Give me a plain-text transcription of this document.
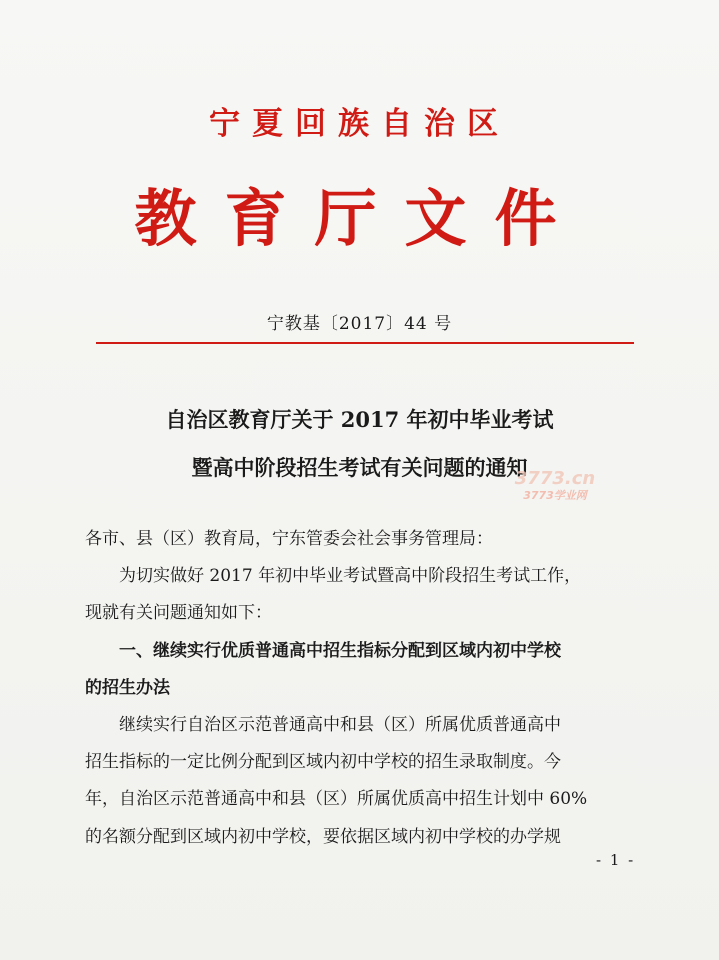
宁夏回族自治区
教育厅文件
宁教基〔2017〕44 号
自治区教育厅关于 2017 年初中毕业考试
暨高中阶段招生考试有关问题的通知
3773.cn
3773学业网

各市、县（区）教育局，宁东管委会社会事务管理局：

为切实做好 2017 年初中毕业考试暨高中阶段招生考试工作，

现就有关问题通知如下：

一、继续实行优质普通高中招生指标分配到区域内初中学校

的招生办法

继续实行自治区示范普通高中和县（区）所属优质普通高中

招生指标的一定比例分配到区域内初中学校的招生录取制度。今

年，自治区示范普通高中和县（区）所属优质高中招生计划中 60%

的名额分配到区域内初中学校，要依据区域内初中学校的办学规

- 1 -
